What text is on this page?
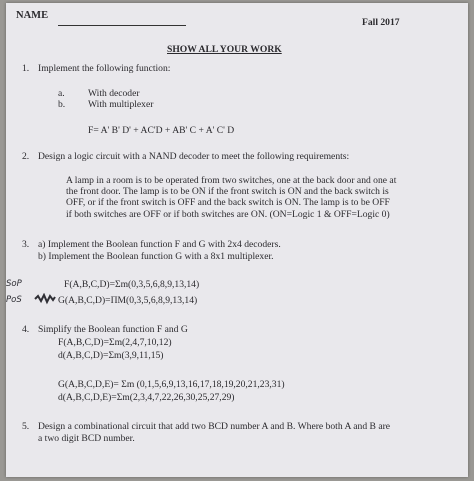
NAME
Fall 2017
SHOW ALL YOUR WORK
1. Implement the following function:
a. With decoder
b. With multiplexer
F= A' B' D' + AC'D + AB' C + A' C' D
2. Design a logic circuit with a NAND decoder to meet the following requirements:
A lamp in a room is to be operated from two switches, one at the back door and one at
the front door. The lamp is to be ON if the front switch is ON and the back switch is
OFF, or if the front switch is OFF and the back switch is ON. The lamp is to be OFF
if both switches are OFF or if both switches are ON. (ON=Logic 1 & OFF=Logic 0)
3. a) Implement the Boolean function F and G with 2x4 decoders.
b) Implement the Boolean function G with a 8x1 multiplexer.
SoP	F(A,B,C,D)=Σm(0,3,5,6,8,9,13,14)
PoS	G(A,B,C,D)=ΠM(0,3,5,6,8,9,13,14)
4. Simplify the Boolean function F and G
F(A,B,C,D)=Σm(2,4,7,10,12)
d(A,B,C,D)=Σm(3,9,11,15)
G(A,B,C,D,E)= Σm (0,1,5,6,9,13,16,17,18,19,20,21,23,31)
d(A,B,C,D,E)=Σm(2,3,4,7,22,26,30,25,27,29)
5. Design a combinational circuit that add two BCD number A and B. Where both A and B are
a two digit BCD number.
